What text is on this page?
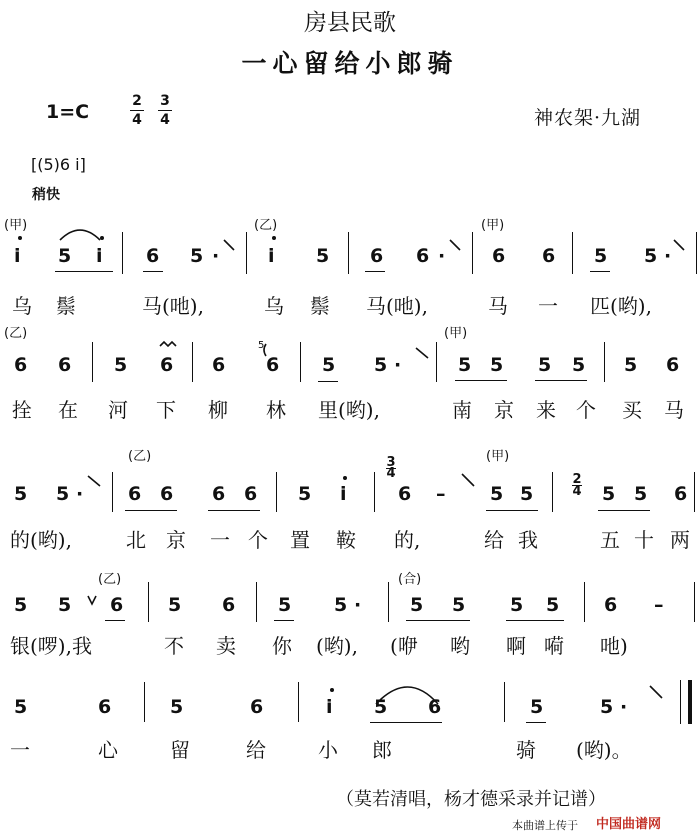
房县民歌
一心留给小郎骑
1=C	2
4
3
4	神农架·九湖
[(5)6 i]
稍快
(甲)	(乙)	(甲)
i 5 i 6 5 ·	i 5 6 6 · 6 6 5 5 ·
乌 鬃	马(吔),	乌 鬃 马(吔),	马 一 匹(哟),
(乙)	(甲)
6 6 5 6 6
5
6 5 5 ·	5 5 5 5 5 6
拴 在 河 下 柳 林 里(哟),	南 京 来 个 买 马
(乙)	(甲)
3
4
5 5 · 6 6 6 6 5 i	6 – 5 5
2
4 5 5 6
的(哟),	北 京 一 个 置 鞍 的,	给 我	五 十 两
(乙)	(合)
5 5 6 5 6 5 5 ·	5 5 5 5 6 –
银(啰),我	不 卖 你 (哟), (咿 哟 啊 嗬 吔)
5	6	5	6	i 5 6	5	5 ·
一	心	留	给	小 郎	骑 (哟)。
（莫若清唱，杨才德采录并记谱）
本曲谱上传于 中国曲谱网
